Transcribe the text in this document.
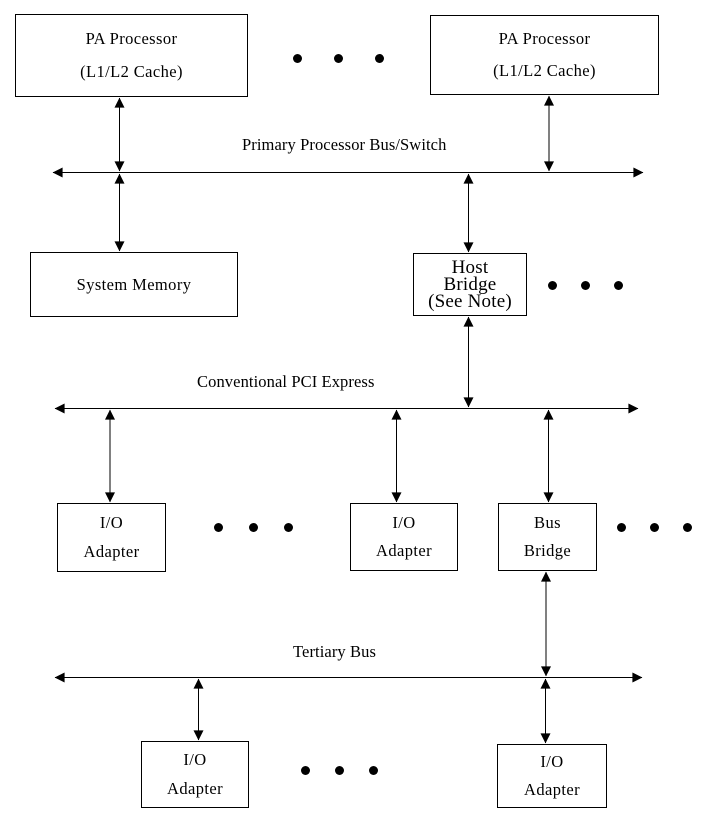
PA Processor
(L1/L2 Cache)
PA Processor
(L1/L2 Cache)
System Memory
Host
Bridge
(See Note)
I/O
Adapter
I/O
Adapter
Bus
Bridge
I/O
Adapter
I/O
Adapter
Primary Processor Bus/Switch
Conventional PCI Express
Tertiary Bus
